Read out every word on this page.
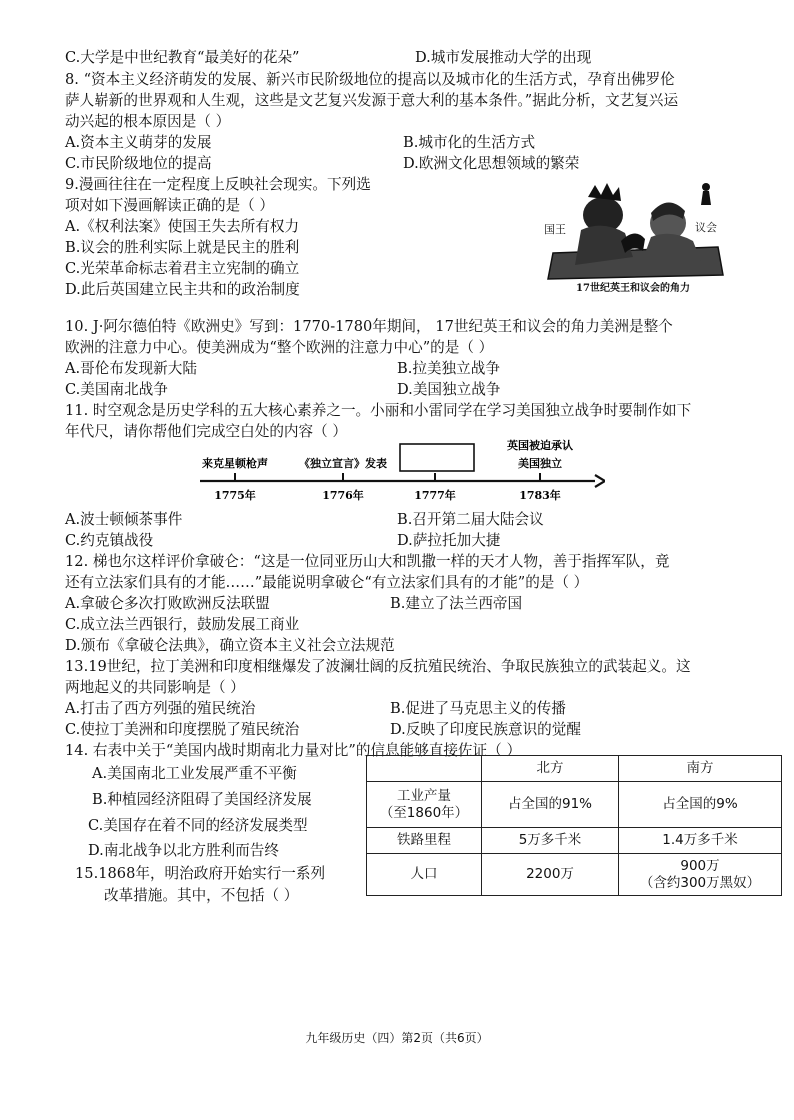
C.大学是中世纪教育“最美好的花朵”	D.城市发展推动大学的出现
8. “资本主义经济萌发的发展、新兴市民阶级地位的提高以及城市化的生活方式，孕育出佛罗伦
萨人崭新的世界观和人生观，这些是文艺复兴发源于意大利的基本条件。”据此分析，文艺复兴运
动兴起的根本原因是（ ）
A.资本主义萌芽的发展	B.城市化的生活方式
C.市民阶级地位的提高	D.欧洲文化思想领域的繁荣
9.漫画往往在一定程度上反映社会现实。下列选
项对如下漫画解读正确的是（ ）
A.《权利法案》使国王失去所有权力
B.议会的胜利实际上就是民主的胜利
C.光荣革命标志着君主立宪制的确立
D.此后英国建立民主共和的政治制度
国王	议会
17世纪英王和议会的角力
10. J·阿尔德伯特《欧洲史》写到：1770-1780年期间， 17世纪英王和议会的角力美洲是整个
欧洲的注意力中心。使美洲成为“整个欧洲的注意力中心”的是（ ）
A.哥伦布发现新大陆	B.拉美独立战争
C.美国南北战争	D.美国独立战争
11. 时空观念是历史学科的五大核心素养之一。小丽和小雷同学在学习美国独立战争时要制作如下
年代尺，请你帮他们完成空白处的内容（ ）
来克星顿枪声	《独立宣言》发表
英国被迫承认
美国独立
1775年	1776年	1777年	1783年
A.波士顿倾茶事件	B.召开第二届大陆会议
C.约克镇战役	D.萨拉托加大捷
12. 梯也尔这样评价拿破仑：“这是一位同亚历山大和凯撒一样的天才人物，善于指挥军队，竟
还有立法家们具有的才能……”最能说明拿破仑“有立法家们具有的才能”的是（ ）
A.拿破仑多次打败欧洲反法联盟	B.建立了法兰西帝国
C.成立法兰西银行，鼓励发展工商业
D.颁布《拿破仑法典》，确立资本主义社会立法规范
13.19世纪，拉丁美洲和印度相继爆发了波澜壮阔的反抗殖民统治、争取民族独立的武装起义。这
两地起义的共同影响是（ ）
A.打击了西方列强的殖民统治	B.促进了马克思主义的传播
C.使拉丁美洲和印度摆脱了殖民统治	D.反映了印度民族意识的觉醒
14. 右表中关于“美国内战时期南北力量对比”的信息能够直接佐证（ ）
A.美国南北工业发展严重不平衡
B.种植园经济阻碍了美国经济发展
C.美国存在着不同的经济发展类型
D.南北战争以北方胜利而告终
	北方	南方

工业产量
（至1860年）	占全国的91%	占全国的9%
铁路里程	5万多千米	1.4万多千米
人口	2200万	900万
（含约300万黑奴）
15.1868年，明治政府开始实行一系列
改革措施。其中，不包括（ ）
九年级历史（四）第2页（共6页）
